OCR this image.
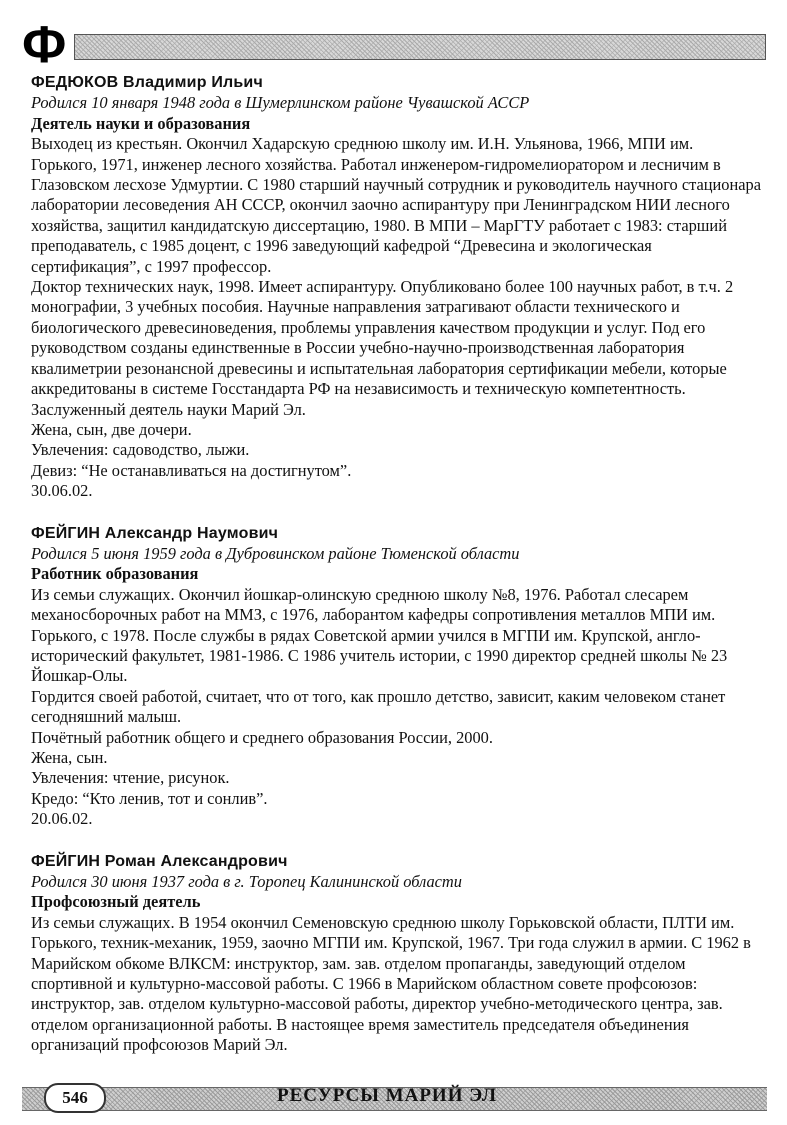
Ф
ФЕДЮКОВ Владимир Ильич
Родился 10 января 1948 года в Шумерлинском районе Чувашской АССР
Деятель науки и образования

Выходец из крестьян. Окончил Хадарскую среднюю школу им. И.Н. Ульянова, 1966, МПИ им. Горького, 1971, инженер лесного хозяйства. Работал инженером-гидромелиоратором и лесничим в Глазовском лесхозе Удмуртии. С 1980 старший научный сотрудник и руководитель научного стационара лаборатории лесоведения АН СССР, окончил заочно аспирантуру при Ленинградском НИИ лесного хозяйства, защитил кандидатскую диссертацию, 1980. В МПИ – МарГТУ работает с 1983: старший преподаватель, с 1985 доцент, с 1996 заведующий кафедрой “Древесина и экологическая сертификация”, с 1997 профессор.

Доктор технических наук, 1998. Имеет аспирантуру. Опубликовано более 100 научных работ, в т.ч. 2 монографии, 3 учебных пособия. Научные направления затрагивают области технического и биологического древесиноведения, проблемы управления качеством продукции и услуг. Под его руководством созданы единственные в России учебно-научно-производственная лаборатория квалиметрии резонансной древесины и испытательная лаборатория сертификации мебели, которые аккредитованы в системе Госстандарта РФ на независимость и техническую компетентность.

Заслуженный деятель науки Марий Эл.

Жена, сын, две дочери.

Увлечения: садоводство, лыжи.

Девиз: “Не останавливаться на достигнутом”.

30.06.02.

ФЕЙГИН Александр Наумович
Родился 5 июня 1959 года в Дубровинском районе Тюменской области
Работник образования

Из семьи служащих. Окончил йошкар-олинскую среднюю школу №8, 1976. Работал слесарем механосборочных работ на ММЗ, с 1976, лаборантом кафедры сопротивления металлов МПИ им. Горького, с 1978. После службы в рядах Советской армии учился в МГПИ им. Крупской, англо-исторический факультет, 1981-1986. С 1986 учитель истории, с 1990 директор средней школы № 23 Йошкар-Олы.

Гордится своей работой, считает, что от того, как прошло детство, зависит, каким человеком станет сегодняшний малыш.

Почётный работник общего и среднего образования России, 2000.

Жена, сын.

Увлечения: чтение, рисунок.

Кредо: “Кто ленив, тот и сонлив”.

20.06.02.

ФЕЙГИН Роман Александрович
Родился 30 июня 1937 года в г. Торопец Калининской области
Профсоюзный деятель

Из семьи служащих. В 1954 окончил Семеновскую среднюю школу Горьковской области, ПЛТИ им. Горького, техник-механик, 1959, заочно МГПИ им. Крупской, 1967. Три года служил в армии. С 1962 в Марийском обкоме ВЛКСМ: инструктор, зам. зав. отделом пропаганды, заведующий отделом спортивной и культурно-массовой работы. С 1966 в Марийском областном совете профсоюзов: инструктор, зав. отделом культурно-массовой работы, директор учебно-методического центра, зав. отделом организационной работы. В настоящее время заместитель председателя объединения организаций профсоюзов Марий Эл.

546	РЕСУРСЫ МАРИЙ ЭЛ
